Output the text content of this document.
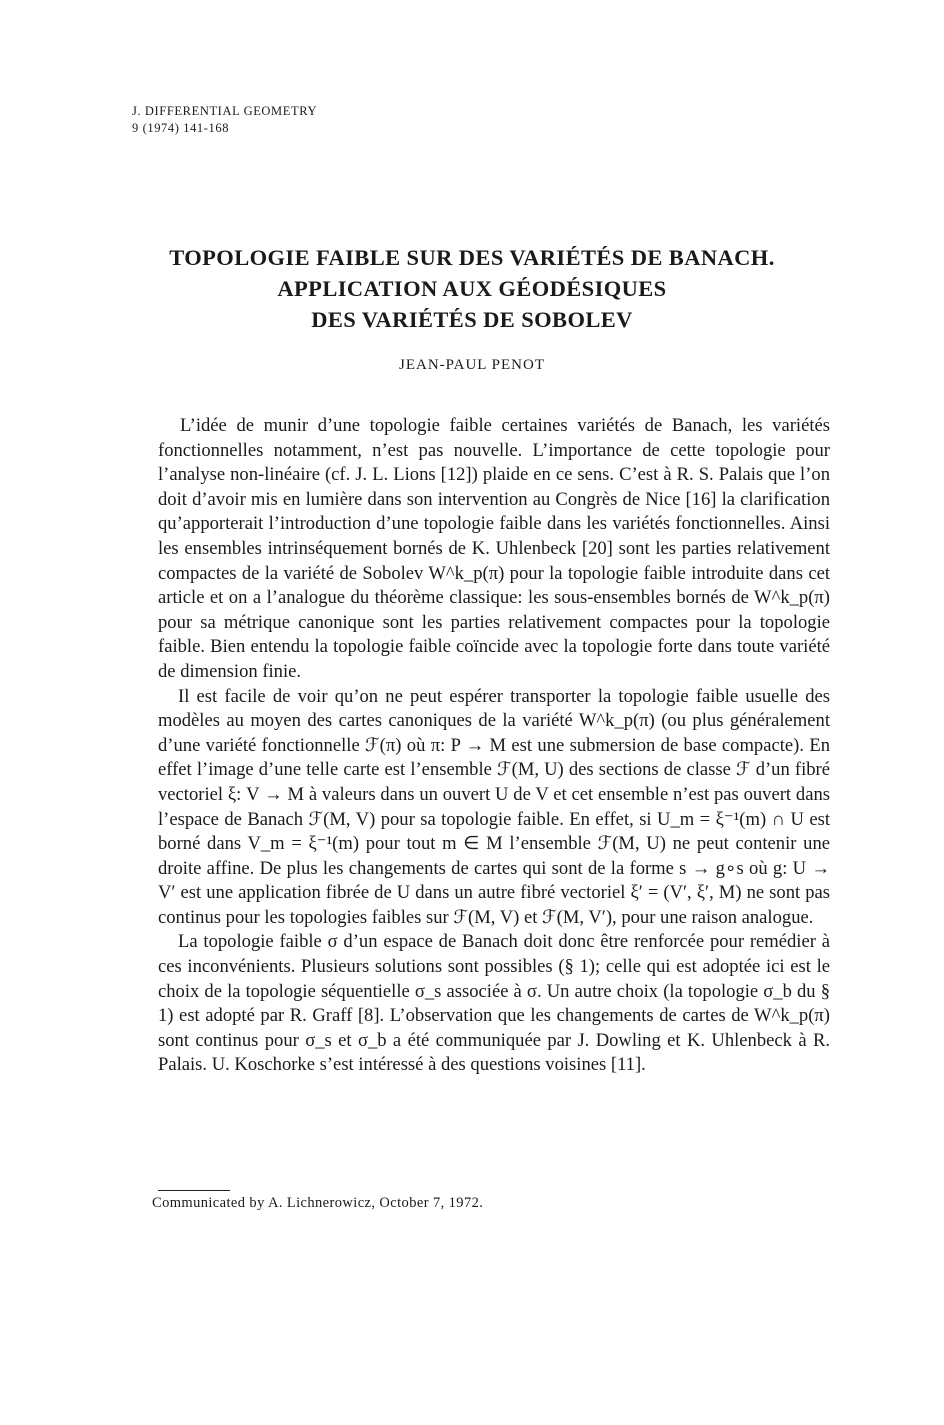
J. DIFFERENTIAL GEOMETRY
9 (1974) 141-168
TOPOLOGIE FAIBLE SUR DES VARIÉTÉS DE BANACH.
APPLICATION AUX GÉODÉSIQUES
DES VARIÉTÉS DE SOBOLEV
JEAN-PAUL PENOT

L’idée de munir d’une topologie faible certaines variétés de Banach, les variétés fonctionnelles notamment, n’est pas nouvelle. L’importance de cette topologie pour l’analyse non-linéaire (cf. J. L. Lions [12]) plaide en ce sens. C’est à R. S. Palais que l’on doit d’avoir mis en lumière dans son intervention au Congrès de Nice [16] la clarification qu’apporterait l’introduction d’une topologie faible dans les variétés fonctionnelles. Ainsi les ensembles intrinséquement bornés de K. Uhlenbeck [20] sont les parties relativement compactes de la variété de Sobolev W^k_p(π) pour la topologie faible introduite dans cet article et on a l’analogue du théorème classique: les sous-ensembles bornés de W^k_p(π) pour sa métrique canonique sont les parties relativement compactes pour la topologie faible. Bien entendu la topologie faible coïncide avec la topologie forte dans toute variété de dimension finie.

Il est facile de voir qu’on ne peut espérer transporter la topologie faible usuelle des modèles au moyen des cartes canoniques de la variété W^k_p(π) (ou plus généralement d’une variété fonctionnelle ℱ(π) où π: P → M est une submersion de base compacte). En effet l’image d’une telle carte est l’ensemble ℱ(M, U) des sections de classe ℱ d’un fibré vectoriel ξ: V → M à valeurs dans un ouvert U de V et cet ensemble n’est pas ouvert dans l’espace de Banach ℱ(M, V) pour sa topologie faible. En effet, si U_m = ξ⁻¹(m) ∩ U est borné dans V_m = ξ⁻¹(m) pour tout m ∈ M l’ensemble ℱ(M, U) ne peut contenir une droite affine. De plus les changements de cartes qui sont de la forme s → g∘s où g: U → V′ est une application fibrée de U dans un autre fibré vectoriel ξ′ = (V′, ξ′, M) ne sont pas continus pour les topologies faibles sur ℱ(M, V) et ℱ(M, V′), pour une raison analogue.

La topologie faible σ d’un espace de Banach doit donc être renforcée pour remédier à ces inconvénients. Plusieurs solutions sont possibles (§ 1); celle qui est adoptée ici est le choix de la topologie séquentielle σ_s associée à σ. Un autre choix (la topologie σ_b du § 1) est adopté par R. Graff [8]. L’observation que les changements de cartes de W^k_p(π) sont continus pour σ_s et σ_b a été communiquée par J. Dowling et K. Uhlenbeck à R. Palais. U. Koschorke s’est intéressé à des questions voisines [11].

Communicated by A. Lichnerowicz, October 7, 1972.
